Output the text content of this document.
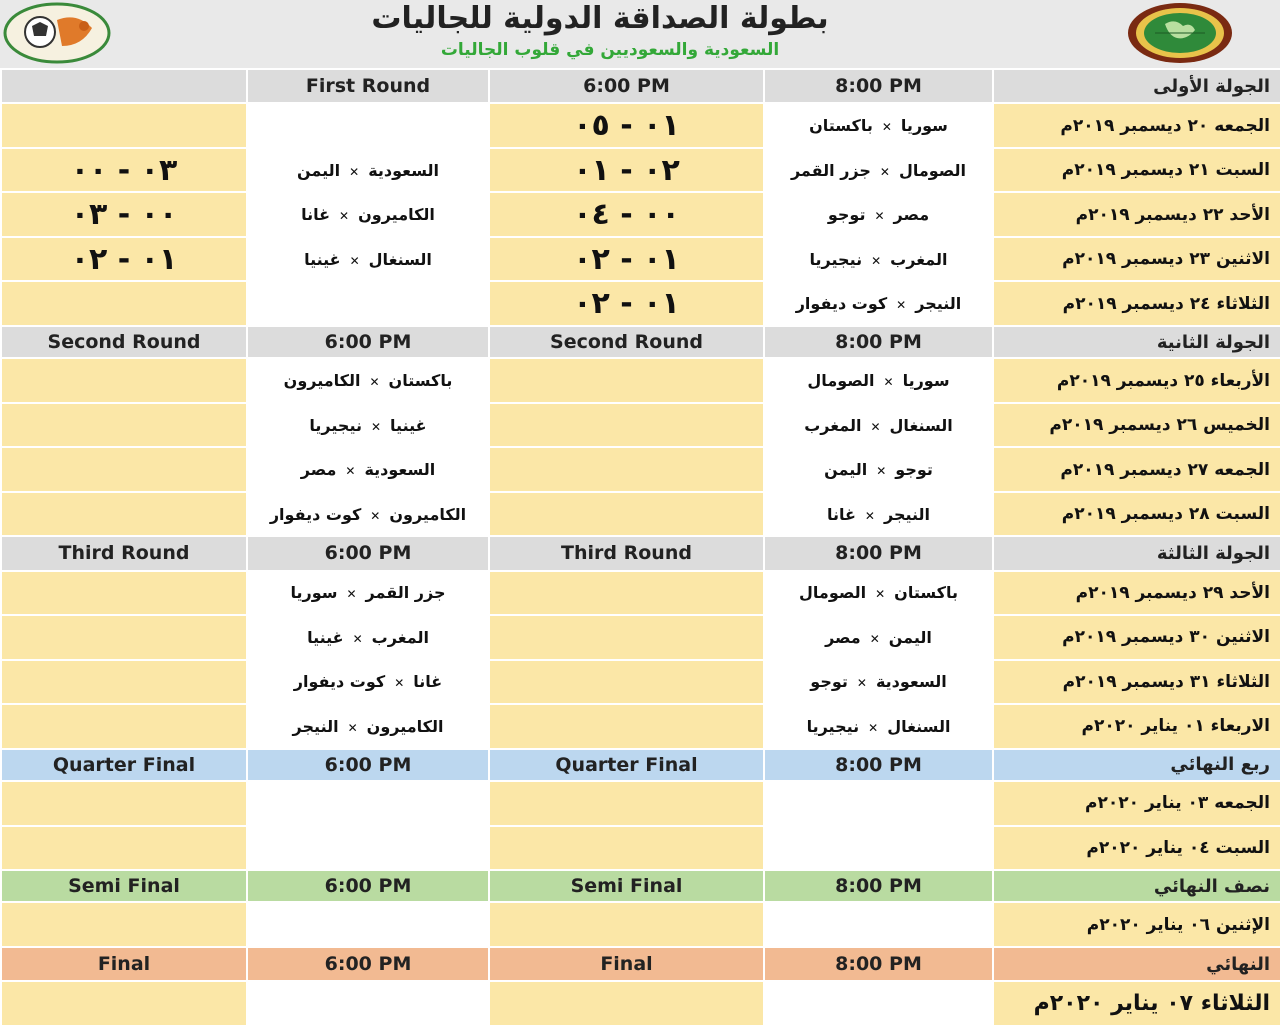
بطولة الصداقة الدولية للجاليات
السعودية والسعوديين في قلوب الجاليات
	First Round	6:00 PM	8:00 PM	الجولة الأولى
		٠١ - ٠٥	باكستان ✕ سوريا	الجمعه ٢٠ ديسمبر ٢٠١٩م
٠٣ - ٠٠	اليمن ✕ السعودية	٠٢ - ٠١	جزر القمر ✕ الصومال	السبت ٢١ ديسمبر ٢٠١٩م
٠٠ - ٠٣	غانا ✕ الكاميرون	٠٠ - ٠٤	توجو ✕ مصر	الأحد ٢٢ ديسمبر ٢٠١٩م
٠١ - ٠٢	غينيا ✕ السنغال	٠١ - ٠٢	نيجيريا ✕ المغرب	الاثنين ٢٣ ديسمبر ٢٠١٩م
		٠١ - ٠٢	كوت ديفوار ✕ النيجر	الثلاثاء ٢٤ ديسمبر ٢٠١٩م
Second Round	6:00 PM	Second Round	8:00 PM	الجولة الثانية
	الكاميرون ✕ باكستان		الصومال ✕ سوريا	الأربعاء ٢٥ ديسمبر ٢٠١٩م
	نيجيريا ✕ غينيا		المغرب ✕ السنغال	الخميس ٢٦ ديسمبر ٢٠١٩م
	مصر ✕ السعودية		اليمن ✕ توجو	الجمعه ٢٧ ديسمبر ٢٠١٩م
	كوت ديفوار ✕ الكاميرون		غانا ✕ النيجر	السبت ٢٨ ديسمبر ٢٠١٩م
Third Round	6:00 PM	Third Round	8:00 PM	الجولة الثالثة
	سوريا ✕ جزر القمر		الصومال ✕ باكستان	الأحد ٢٩ ديسمبر ٢٠١٩م
	غينيا ✕ المغرب		مصر ✕ اليمن	الاثنين ٣٠ ديسمبر ٢٠١٩م
	كوت ديفوار ✕ غانا		توجو ✕ السعودية	الثلاثاء ٣١ ديسمبر ٢٠١٩م
	النيجر ✕ الكاميرون		نيجيريا ✕ السنغال	الاربعاء ٠١ يناير ٢٠٢٠م
Quarter Final	6:00 PM	Quarter Final	8:00 PM	ربع النهائي
				الجمعه ٠٣ يناير ٢٠٢٠م
				السبت ٠٤ يناير ٢٠٢٠م
Semi Final	6:00 PM	Semi Final	8:00 PM	نصف النهائي
				الإثنين ٠٦ يناير ٢٠٢٠م
Final	6:00 PM	Final	8:00 PM	النهائي
				الثلاثاء ٠٧ يناير ٢٠٢٠م
